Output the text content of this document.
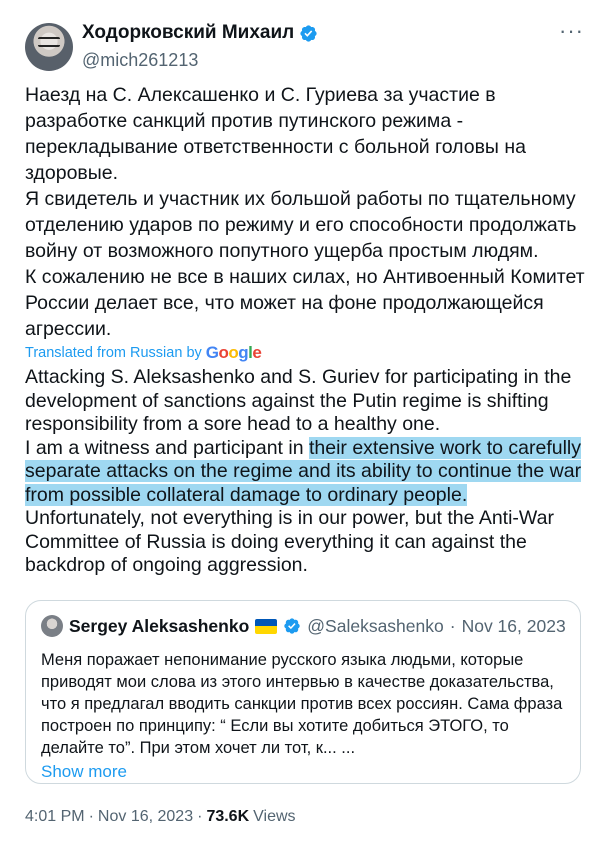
Ходорковский Михаил
@mich261213
···

Наезд на С. Алексашенко и С. Гуриева за участие в разработке санкций против путинского режима - перекладывание ответственности с больной головы на здоровые.

Я свидетель и участник их большой работы по тщательному отделению ударов по режиму и его способности продолжать войну от возможного попутного ущерба простым людям.

К сожалению не все в наших силах, но Антивоенный Комитет России делает все, что может на фоне продолжающейся агрессии.

Translated from Russian by Google

Attacking S. Aleksashenko and S. Guriev for participating in the development of sanctions against the Putin regime is shifting responsibility from a sore head to a healthy one.

I am a witness and participant in their extensive work to carefully separate attacks on the regime and its ability to continue the war from possible collateral damage to ordinary people.

Unfortunately, not everything is in our power, but the Anti-War Committee of Russia is doing everything it can against the backdrop of ongoing aggression.

Sergey Aleksashenko	@Saleksashenko · Nov 16, 2023

Меня поражает непонимание русского языка людьми, которые приводят мои слова из этого интервью в качестве доказательства, что я предлагал вводить санкции против всех россиян. Сама фраза построен по принципу: “ Если вы хотите добиться ЭТОГО, то делайте то”. При этом хочет ли тот, к... ...

Show more
4:01 PM · Nov 16, 2023 · 73.6K Views
